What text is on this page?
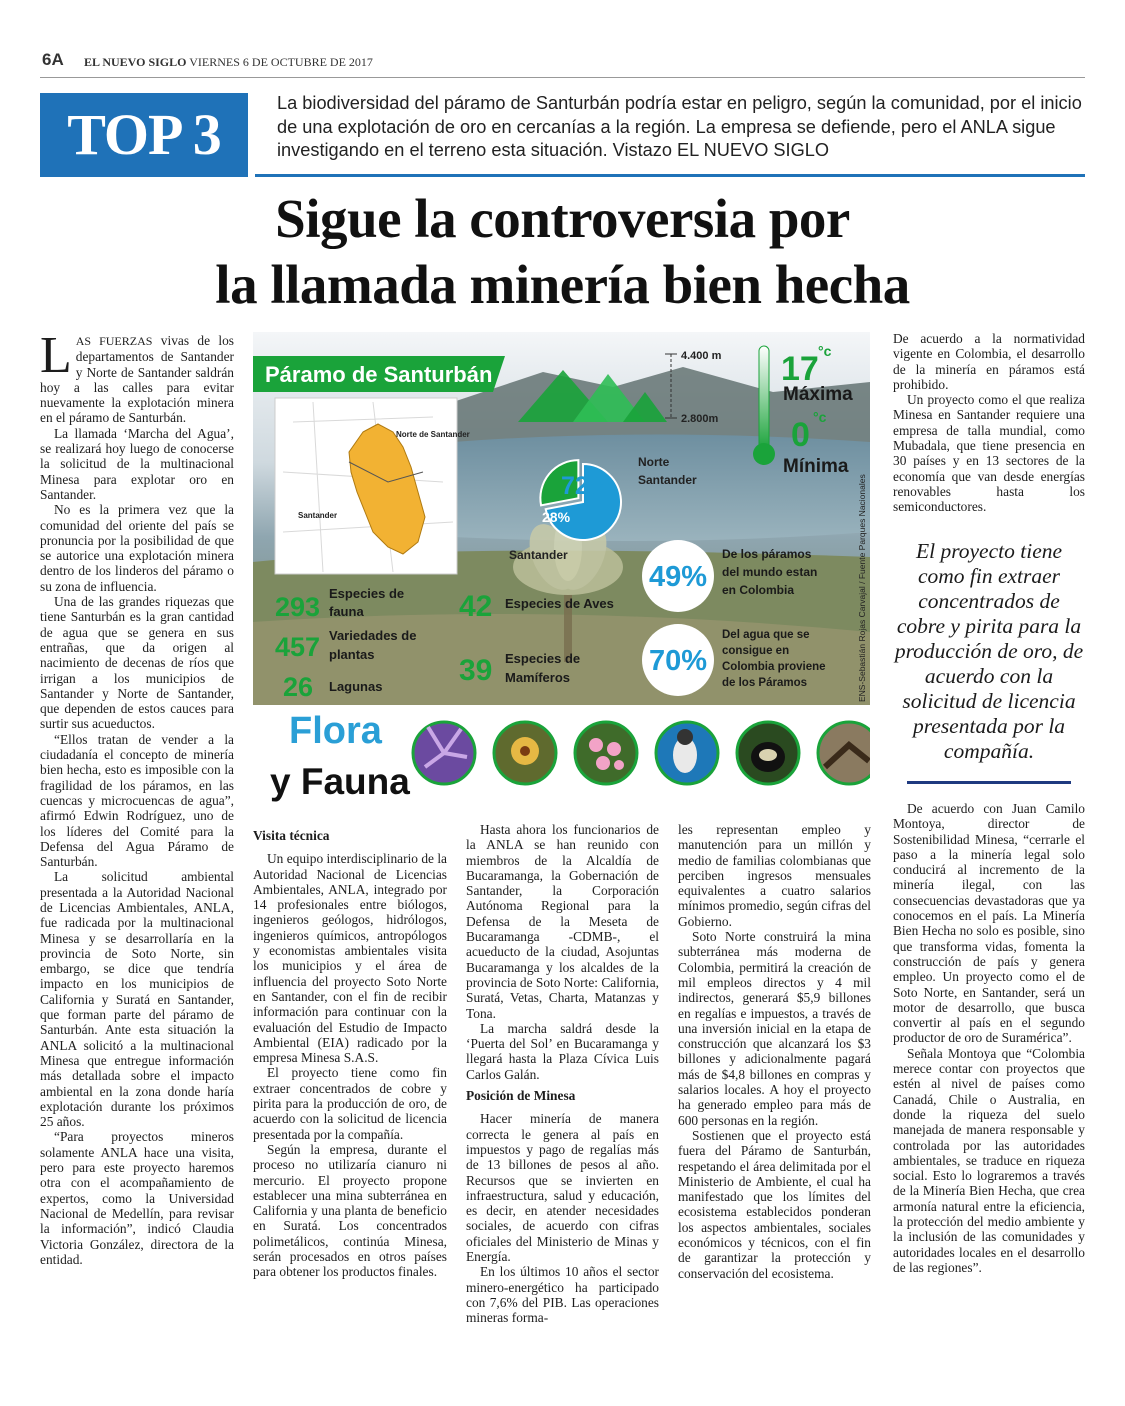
6A EL NUEVO SIGLO VIERNES 6 DE OCTUBRE DE 2017
TOP 3	La biodiversidad del páramo de Santurbán podría estar en peligro, según la comunidad, por el inicio de una explotación de oro en cercanías a la región. La empresa se defiende, pero el ANLA sigue investigando en el terreno esta situación. Vistazo EL NUEVO SIGLO
Sigue la controversia por
la llamada minería bien hecha

LAS FUERZAS vivas de los departamentos de Santander y Norte de Santander saldrán hoy a las calles para evitar nuevamente la explotación minera en el páramo de Santurbán.

La llamada ‘Marcha del Agua’, se realizará hoy luego de conocerse la solicitud de la multinacional Minesa para explotar oro en Santander.

No es la primera vez que la comunidad del oriente del país se pronuncia por la posibilidad de que se autorice una explotación minera dentro de los linderos del páramo o su zona de influencia.

Una de las grandes riquezas que tiene Santurbán es la gran cantidad de agua que se genera en sus entrañas, que da origen al nacimiento de decenas de ríos que irrigan a los municipios de Santander y Norte de Santander, que dependen de estos cauces para surtir sus acueductos.

“Ellos tratan de vender a la ciudadanía el concepto de minería bien hecha, esto es imposible con la fragilidad de los páramos, en las cuencas y microcuencas de agua”, afirmó Edwin Rodríguez, uno de los líderes del Comité para la Defensa del Agua Páramo de Santurbán.

La solicitud ambiental presentada a la Autoridad Nacional de Licencias Ambientales, ANLA, fue radicada por la multinacional Minesa y se desarrollaría en la provincia de Soto Norte, sin embargo, se dice que tendría impacto en los municipios de California y Suratá en Santander, que forman parte del páramo de Santurbán. Ante esta situación la ANLA solicitó a la multinacional Minesa que entregue información más detallada sobre el impacto ambiental en la zona donde haría explotación durante los próximos 25 años.

“Para proyectos mineros solamente ANLA hace una visita, pero para este proyecto haremos otra con el acompañamiento de expertos, como la Universidad Nacional de Medellín, para revisar la información”, indicó Claudia Victoria González, directora de la entidad.

Páramo de Santurbán
Norte de Santander
Santander
4.400 m
2.800m
17 °c
Máxima
0 °c
Mínima
72%
28%
Norte
Santander
Santander
293 Especies de
fauna
457 Variedades de
plantas
26 Lagunas
42 Especies de Aves
39 Especies de
Mamíferos
49%
De los páramos
del mundo estan
en Colombia
70%
Del agua que se
consigue en
Colombia proviene
de los Páramos	ENS-Sebastián Rojas Carvajal / Fuente Parques Nacionales
Flora
y Fauna

Visita técnica

Un equipo interdisciplinario de la Autoridad Nacional de Licencias Ambientales, ANLA, integrado por 14 profesionales entre biólogos, ingenieros geólogos, hidrólogos, ingenieros químicos, antropólogos y economistas ambientales visita los municipios y el área de influencia del proyecto Soto Norte en Santander, con el fin de recibir información para continuar con la evaluación del Estudio de Impacto Ambiental (EIA) radicado por la empresa Minesa S.A.S.

El proyecto tiene como fin extraer concentrados de cobre y pirita para la producción de oro, de acuerdo con la solicitud de licencia presentada por la compañía.

Según la empresa, durante el proceso no utilizaría cianuro ni mercurio. El proyecto propone establecer una mina subterránea en California y una planta de beneficio en Suratá. Los concentrados polimetálicos, continúa Minesa, serán procesados en otros países para obtener los productos finales.

Hasta ahora los funcionarios de la ANLA se han reunido con miembros de la Alcaldía de Bucaramanga, la Gobernación de Santander, la Corporación Autónoma Regional para la Defensa de la Meseta de Bucaramanga -CDMB-, el acueducto de la ciudad, Asojuntas Bucaramanga y los alcaldes de la provincia de Soto Norte: California, Suratá, Vetas, Charta, Matanzas y Tona.

La marcha saldrá desde la ‘Puerta del Sol’ en Bucaramanga y llegará hasta la Plaza Cívica Luis Carlos Galán.

Posición de Minesa

Hacer minería de manera correcta le genera al país en impuestos y pago de regalías más de 13 billones de pesos al año. Recursos que se invierten en infraestructura, salud y educación, es decir, en atender necesidades sociales, de acuerdo con cifras oficiales del Ministerio de Minas y Energía.

En los últimos 10 años el sector minero-energético ha participado con 7,6% del PIB. Las operaciones mineras forma-

les representan empleo y manutención para un millón y medio de familias colombianas que perciben ingresos mensuales equivalentes a cuatro salarios mínimos promedio, según cifras del Gobierno.

Soto Norte construirá la mina subterránea más moderna de Colombia, permitirá la creación de mil empleos directos y 4 mil indirectos, generará $5,9 billones en regalías e impuestos, a través de una inversión inicial en la etapa de construcción que alcanzará los $3 billones y adicionalmente pagará más de $4,8 billones en compras y salarios locales. A hoy el proyecto ha generado empleo para más de 600 personas en la región.

Sostienen que el proyecto está fuera del Páramo de Santurbán, respetando el área delimitada por el Ministerio de Ambiente, el cual ha manifestado que los límites del ecosistema establecidos ponderan los aspectos ambientales, sociales económicos y técnicos, con el fin de garantizar la protección y conservación del ecosistema.

De acuerdo a la normatividad vigente en Colombia, el desarrollo de la minería en páramos está prohibido.

Un proyecto como el que realiza Minesa en Santander requiere una empresa de talla mundial, como Mubadala, que tiene presencia en 30 países y en 13 sectores de la economía que van desde energías renovables hasta los semiconductores.

El proyecto tiene como fin extraer concentrados de cobre y pirita para la producción de oro, de acuerdo con la solicitud de licencia presentada por la compañía.

De acuerdo con Juan Camilo Montoya, director de Sostenibilidad Minesa, “cerrarle el paso a la minería legal solo conducirá al incremento de la minería ilegal, con las consecuencias devastadoras que ya conocemos en el país. La Minería Bien Hecha no solo es posible, sino que transforma vidas, fomenta la construcción de país y genera empleo. Un proyecto como el de Soto Norte, en Santander, será un motor de desarrollo, que busca convertir al país en el segundo productor de oro de Suramérica”.

Señala Montoya que “Colombia merece contar con proyectos que estén al nivel de países como Canadá, Chile o Australia, en donde la riqueza del suelo manejada de manera responsable y controlada por las autoridades ambientales, se traduce en riqueza social. Esto lo lograremos a través de la Minería Bien Hecha, que crea armonía natural entre la eficiencia, la protección del medio ambiente y la inclusión de las comunidades y autoridades locales en el desarrollo de las regiones”.
